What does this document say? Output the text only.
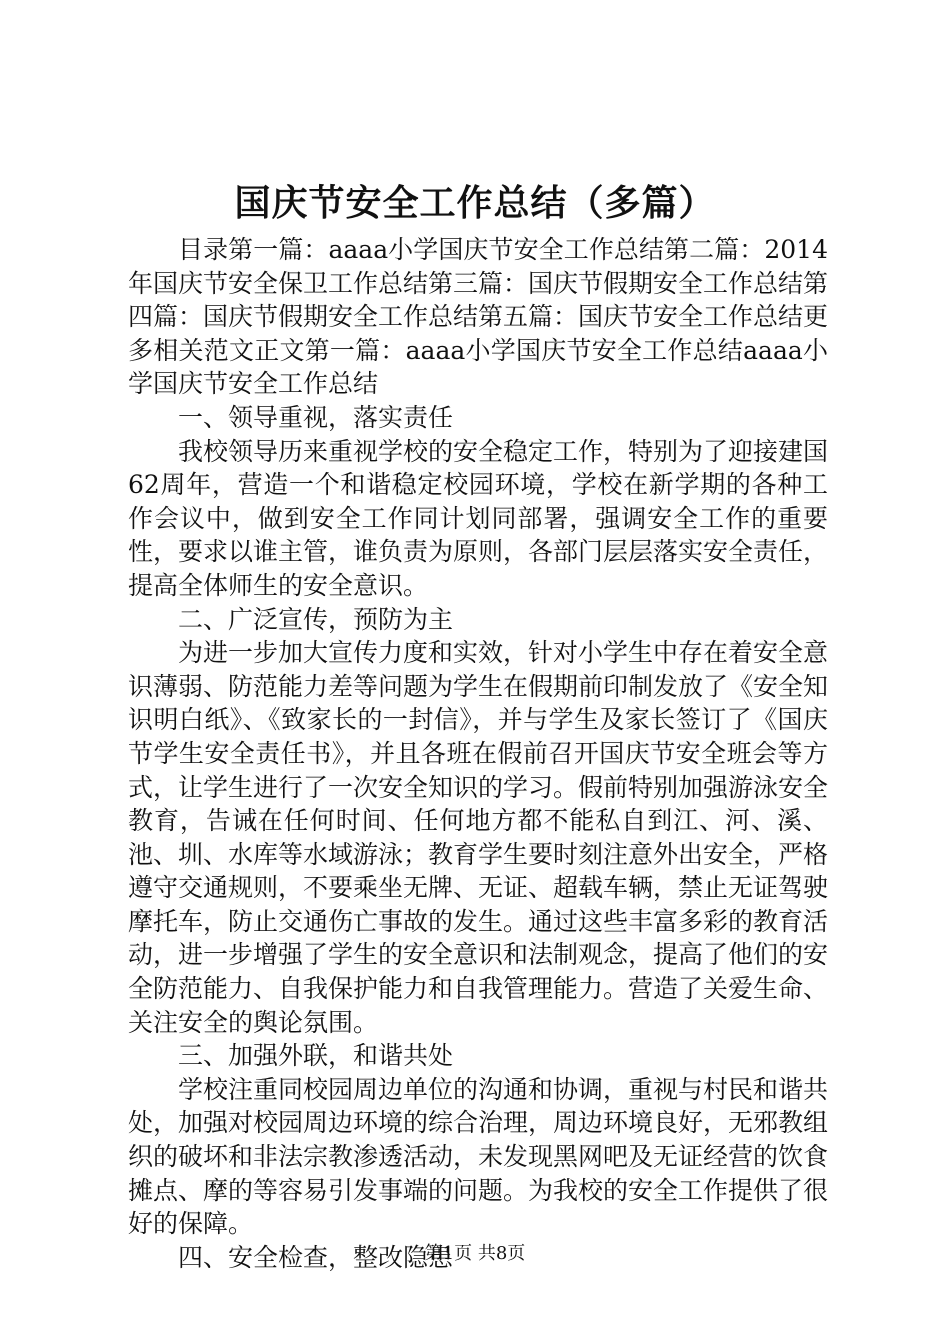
国庆节安全工作总结（多篇）

目录第一篇：aaaa小学国庆节安全工作总结第二篇：2014年国庆节安全保卫工作总结第三篇：国庆节假期安全工作总结第四篇：国庆节假期安全工作总结第五篇：国庆节安全工作总结更多相关范文正文第一篇：aaaa小学国庆节安全工作总结aaaa小学国庆节安全工作总结

一、领导重视，落实责任

我校领导历来重视学校的安全稳定工作，特别为了迎接建国62周年，营造一个和谐稳定校园环境，学校在新学期的各种工作会议中，做到安全工作同计划同部署，强调安全工作的重要性，要求以谁主管，谁负责为原则，各部门层层落实安全责任，提高全体师生的安全意识。

二、广泛宣传，预防为主

为进一步加大宣传力度和实效，针对小学生中存在着安全意识薄弱、防范能力差等问题为学生在假期前印制发放了《安全知识明白纸》、《致家长的一封信》，并与学生及家长签订了《国庆节学生安全责任书》，并且各班在假前召开国庆节安全班会等方式，让学生进行了一次安全知识的学习。假前特别加强游泳安全教育，告诫在任何时间、任何地方都不能私自到江、河、溪、池、圳、水库等水域游泳；教育学生要时刻注意外出安全，严格遵守交通规则，不要乘坐无牌、无证、超载车辆，禁止无证驾驶摩托车，防止交通伤亡事故的发生。通过这些丰富多彩的教育活动，进一步增强了学生的安全意识和法制观念，提高了他们的安全防范能力、自我保护能力和自我管理能力。营造了关爱生命、关注安全的舆论氛围。

三、加强外联，和谐共处

学校注重同校园周边单位的沟通和协调，重视与村民和谐共处，加强对校园周边环境的综合治理，周边环境良好，无邪教组织的破坏和非法宗教渗透活动，未发现黑网吧及无证经营的饮食摊点、摩的等容易引发事端的问题。为我校的安全工作提供了很好的保障。

四、安全检查，整改隐患

第1页 共8页
